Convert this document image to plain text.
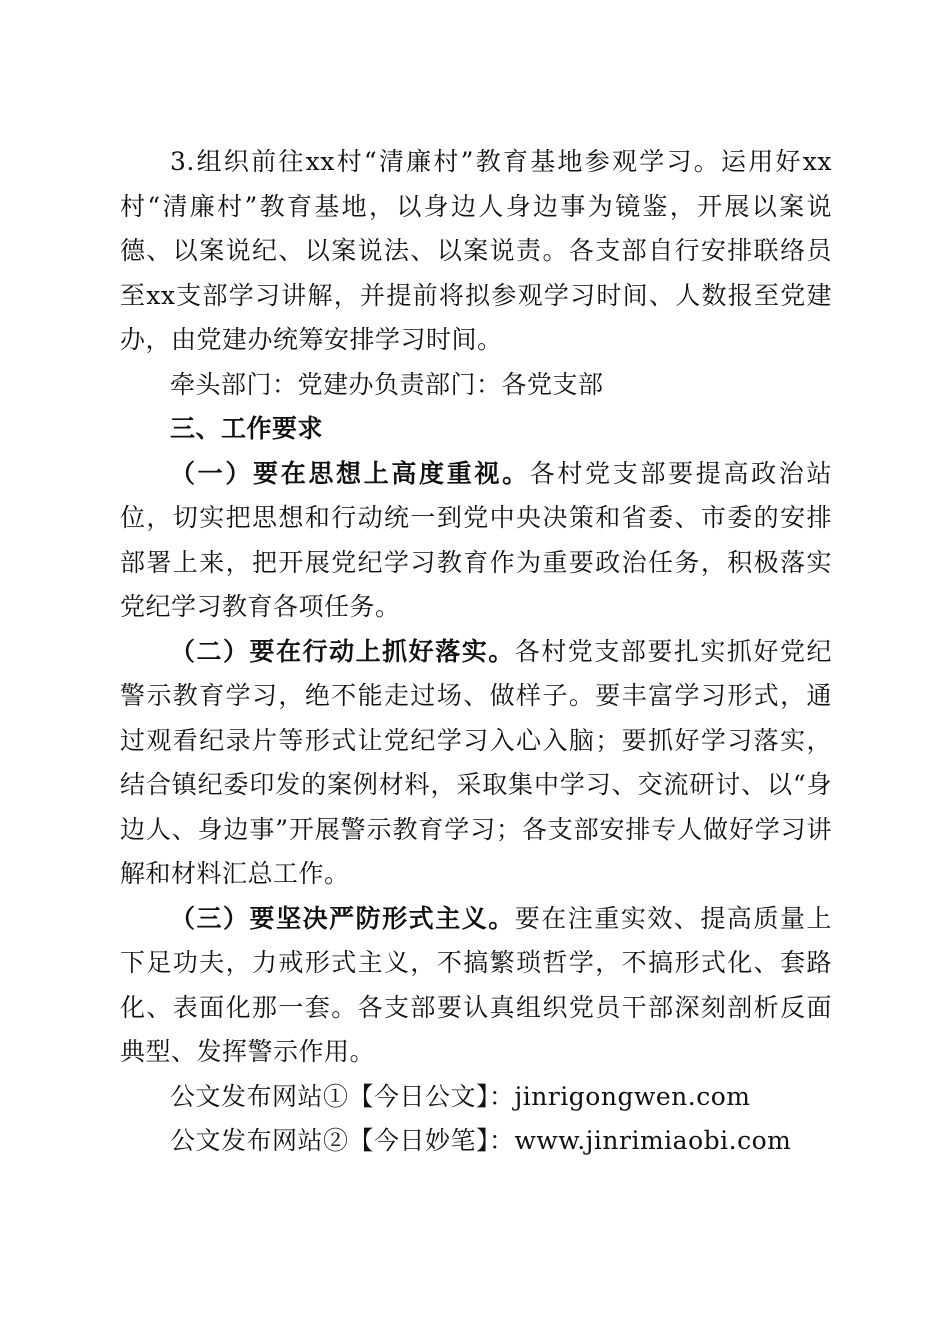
3.组织前往xx村“清廉村”教育基地参观学习。运用好xx村“清廉村”教育基地，以身边人身边事为镜鉴，开展以案说德、以案说纪、以案说法、以案说责。各支部自行安排联络员至xx支部学习讲解，并提前将拟参观学习时间、人数报至党建办，由党建办统筹安排学习时间。

牵头部门：党建办负责部门：各党支部

三、工作要求

（一）要在思想上高度重视。各村党支部要提高政治站位，切实把思想和行动统一到党中央决策和省委、市委的安排部署上来，把开展党纪学习教育作为重要政治任务，积极落实党纪学习教育各项任务。

（二）要在行动上抓好落实。各村党支部要扎实抓好党纪警示教育学习，绝不能走过场、做样子。要丰富学习形式，通过观看纪录片等形式让党纪学习入心入脑；要抓好学习落实，结合镇纪委印发的案例材料，采取集中学习、交流研讨、以“身边人、身边事”开展警示教育学习；各支部安排专人做好学习讲解和材料汇总工作。

（三）要坚决严防形式主义。要在注重实效、提高质量上下足功夫，力戒形式主义，不搞繁琐哲学，不搞形式化、套路化、表面化那一套。各支部要认真组织党员干部深刻剖析反面典型、发挥警示作用。

公文发布网站①【今日公文】：jinrigongwen.com

公文发布网站②【今日妙笔】：www.jinrimiaobi.com
